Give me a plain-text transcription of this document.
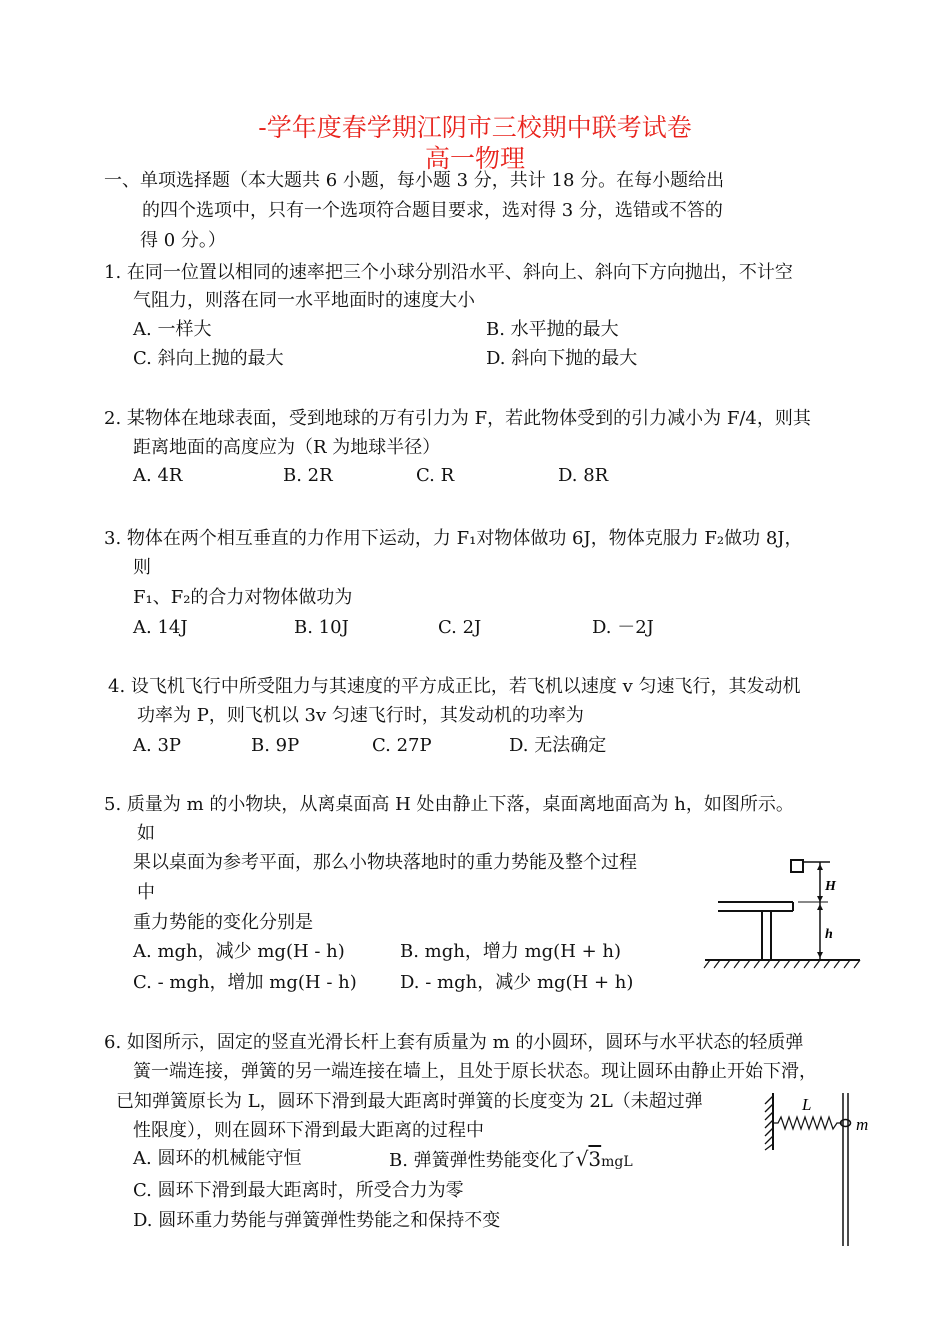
-学年度春学期江阴市三校期中联考试卷
高一物理
一、单项选择题（本大题共 6 小题，每小题 3 分，共计 18 分。在每小题给出
的四个选项中，只有一个选项符合题目要求，选对得 3 分，选错或不答的
得 0 分。）
1. 在同一位置以相同的速率把三个小球分别沿水平、斜向上、斜向下方向抛出，不计空
气阻力，则落在同一水平地面时的速度大小
A. 一样大	B. 水平抛的最大
C. 斜向上抛的最大	D. 斜向下抛的最大
2. 某物体在地球表面，受到地球的万有引力为 F，若此物体受到的引力减小为 F/4，则其
距离地面的高度应为（R 为地球半径）
A. 4R	B. 2R	C. R	D. 8R
3. 物体在两个相互垂直的力作用下运动，力 F₁对物体做功 6J，物体克服力 F₂做功 8J，
则
F₁、F₂的合力对物体做功为
A. 14J	B. 10J	C. 2J	D. －2J
4. 设飞机飞行中所受阻力与其速度的平方成正比，若飞机以速度 v 匀速飞行，其发动机
功率为 P，则飞机以 3v 匀速飞行时，其发动机的功率为
A. 3P	B. 9P	C. 27P	D. 无法确定
5. 质量为 m 的小物块，从离桌面高 H 处由静止下落，桌面离地面高为 h，如图所示。
如
果以桌面为参考平面，那么小物块落地时的重力势能及整个过程
中
重力势能的变化分别是
A. mgh，减少 mg(H - h)	B. mgh，增力 mg(H + h)
C. - mgh，增加 mg(H - h) D. - mgh，减少 mg(H + h)
H
h
6. 如图所示，固定的竖直光滑长杆上套有质量为 m 的小圆环，圆环与水平状态的轻质弹
簧一端连接，弹簧的另一端连接在墙上，且处于原长状态。现让圆环由静止开始下滑，
已知弹簧原长为 L，圆环下滑到最大距离时弹簧的长度变为 2L（未超过弹
性限度），则在圆环下滑到最大距离的过程中
A. 圆环的机械能守恒	B. 弹簧弹性势能变化了√3mgL
C. 圆环下滑到最大距离时，所受合力为零
D. 圆环重力势能与弹簧弹性势能之和保持不变
L
m
